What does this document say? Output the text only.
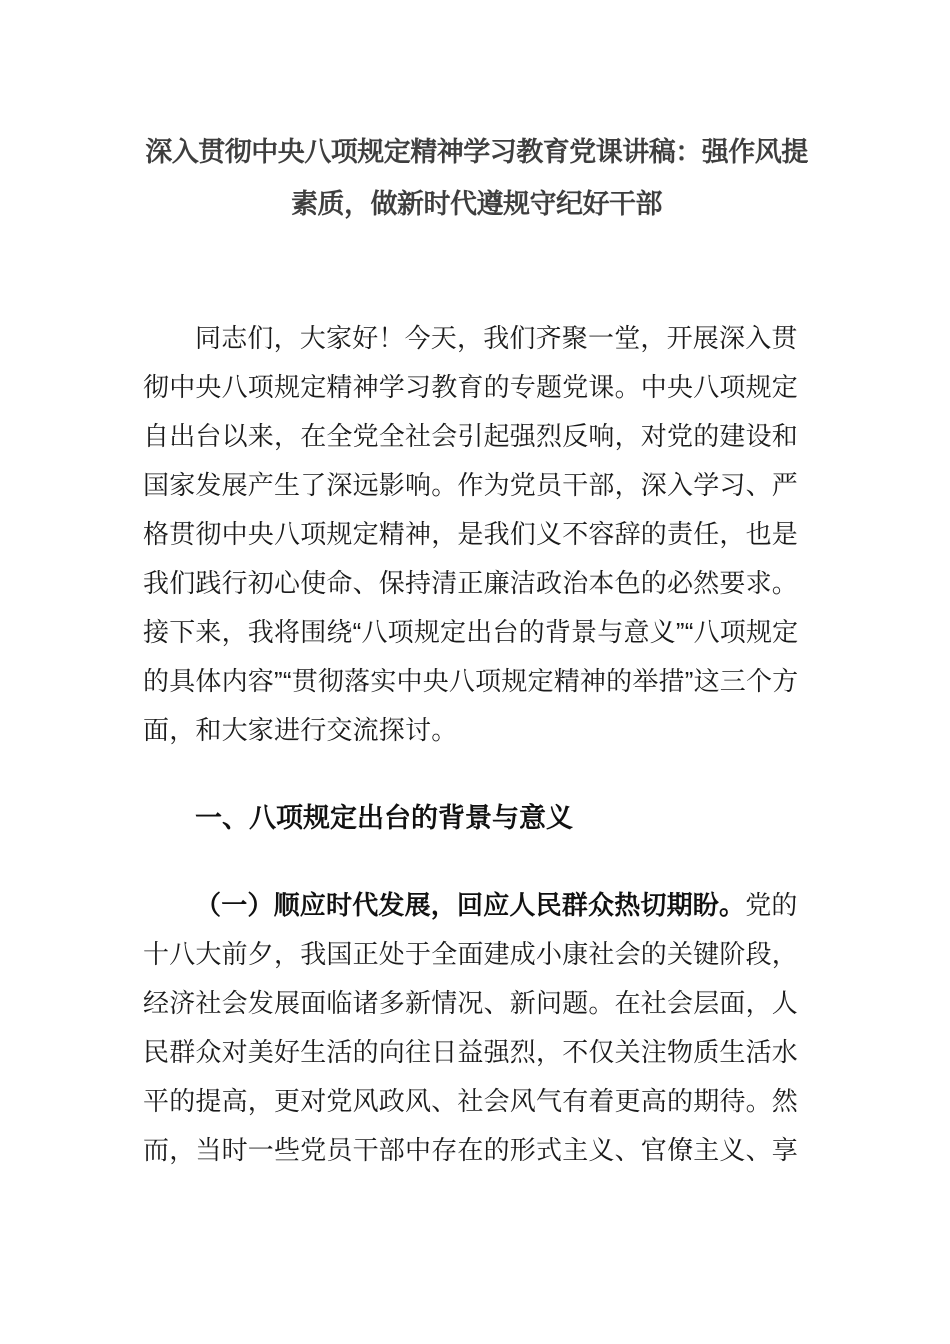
深入贯彻中央八项规定精神学习教育党课讲稿：强作风提
素质，做新时代遵规守纪好干部
同志们，大家好！今天，我们齐聚一堂，开展深入贯
彻中央八项规定精神学习教育的专题党课。中央八项规定
自出台以来，在全党全社会引起强烈反响，对党的建设和
国家发展产生了深远影响。作为党员干部，深入学习、严
格贯彻中央八项规定精神，是我们义不容辞的责任，也是
我们践行初心使命、保持清正廉洁政治本色的必然要求。
接下来，我将围绕“八项规定出台的背景与意义”“八项规定
的具体内容”“贯彻落实中央八项规定精神的举措”这三个方
面，和大家进行交流探讨。
一、八项规定出台的背景与意义
（一）顺应时代发展，回应人民群众热切期盼。党的
十八大前夕，我国正处于全面建成小康社会的关键阶段，
经济社会发展面临诸多新情况、新问题。在社会层面，人
民群众对美好生活的向往日益强烈，不仅关注物质生活水
平的提高，更对党风政风、社会风气有着更高的期待。然
而，当时一些党员干部中存在的形式主义、官僚主义、享
